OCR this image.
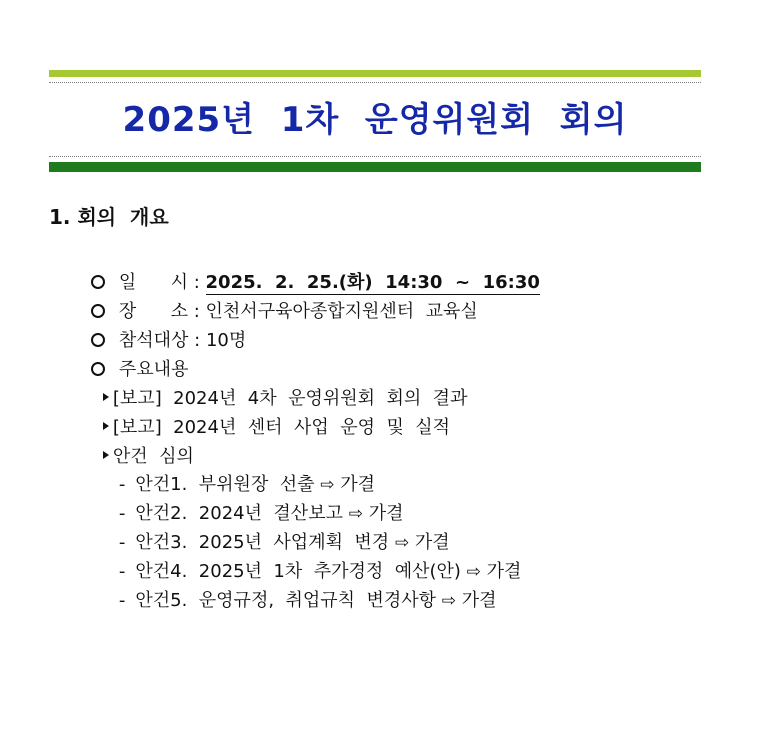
2025년  1차  운영위원회  회의
1. 회의  개요

일      시 : 2025.  2.  25.(화)  14:30  ~  16:30

장      소 : 인천서구육아종합지원센터  교육실

참석대상 : 10명

주요내용

[보고]  2024년  4차  운영위원회  회의  결과

[보고]  2024년  센터  사업  운영  및  실적

안건  심의

- 안건1.  부위원장  선출 ⇨ 가결

- 안건2.  2024년  결산보고 ⇨ 가결

- 안건3.  2025년  사업계획  변경 ⇨ 가결

- 안건4.  2025년  1차  추가경정  예산(안) ⇨ 가결

- 안건5.  운영규정,  취업규칙  변경사항 ⇨ 가결
